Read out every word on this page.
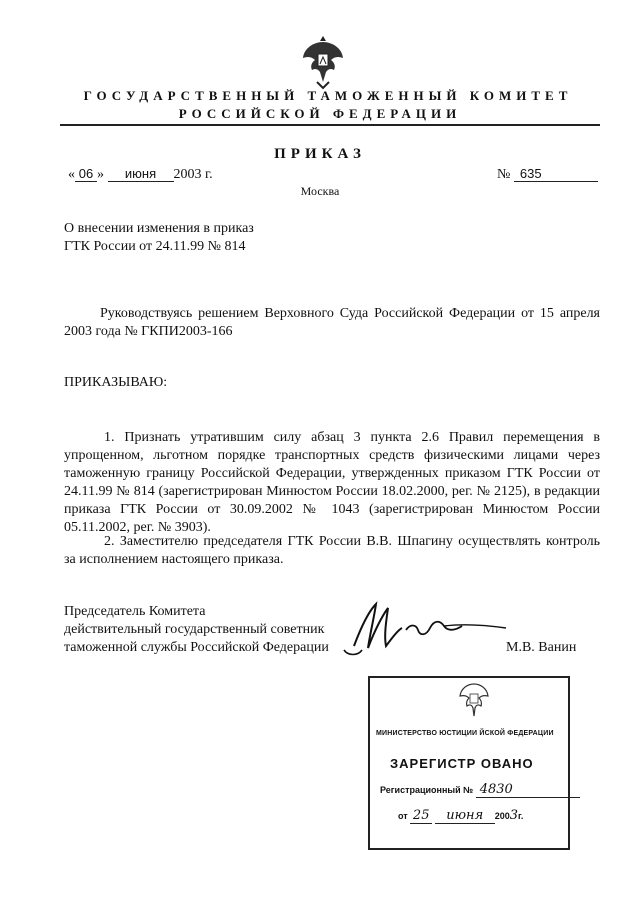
ГОСУДАРСТВЕННЫЙ ТАМОЖЕННЫЙ КОМИТЕТ
РОССИЙСКОЙ ФЕДЕРАЦИИ
ПРИКАЗ
« 06 » июня 2003 г.	№ 635
Москва
О внесении изменения в приказ
ГТК России от 24.11.99 № 814
Руководствуясь решением Верховного Суда Российской Федерации от 15 апреля 2003 года № ГКПИ2003-166
ПРИКАЗЫВАЮ:
1. Признать утратившим силу абзац 3 пункта 2.6 Правил перемещения в упрощенном, льготном порядке транспортных средств физическими лицами через таможенную границу Российской Федерации, утвержденных приказом ГТК России от 24.11.99 № 814 (зарегистрирован Минюстом России 18.02.2000, рег. № 2125), в редакции приказа ГТК России от 30.09.2002 № 1043 (зарегистрирован Минюстом России 05.11.2002, рег. № 3903).
2. Заместителю председателя ГТК России В.В. Шпагину осуществлять контроль за исполнением настоящего приказа.
Председатель Комитета
действительный государственный советник
таможенной службы Российской Федерации	М.В. Ванин
МИНИСТЕРСТВО ЮСТИЦИИ ЙСКОЙ ФЕДЕРАЦИИ
ЗАРЕГИСТР ОВАНО
Регистрационный № 4830
от 25 июня 2003г.
